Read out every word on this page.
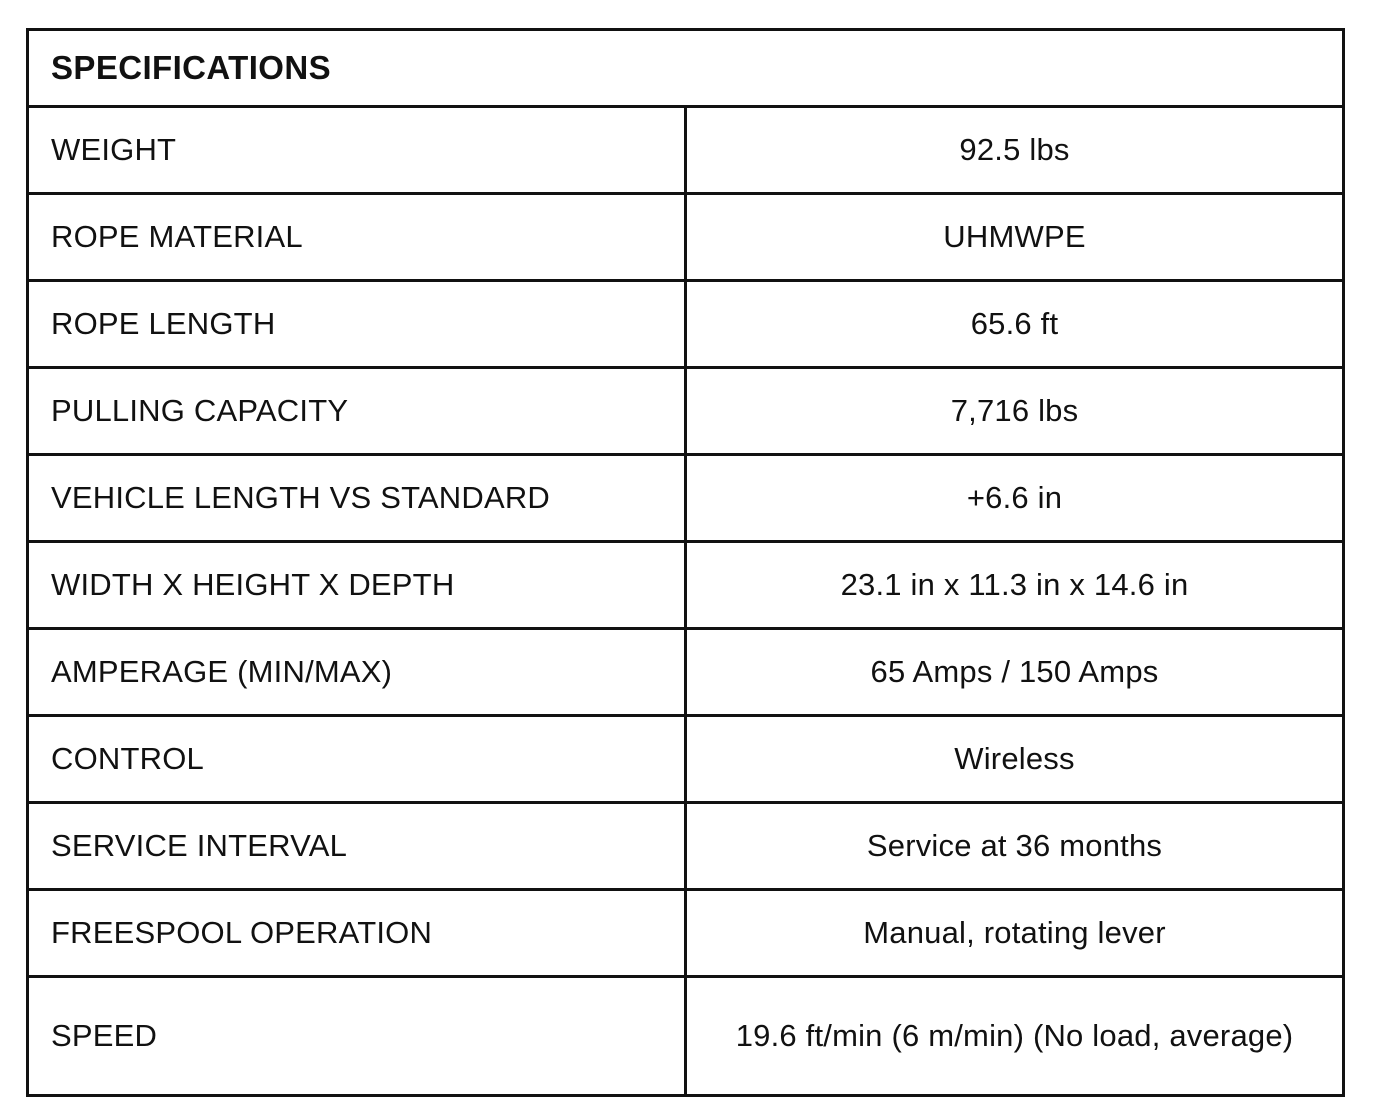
SPECIFICATIONS	
WEIGHT	92.5 lbs
ROPE MATERIAL	UHMWPE
ROPE LENGTH	65.6 ft
PULLING CAPACITY	7,716 lbs
VEHICLE LENGTH VS STANDARD	+6.6 in
WIDTH X HEIGHT X DEPTH	23.1 in x 11.3 in x 14.6 in
AMPERAGE (MIN/MAX)	65 Amps / 150 Amps
CONTROL	Wireless
SERVICE INTERVAL	Service at 36 months
FREESPOOL OPERATION	Manual, rotating lever
SPEED	19.6 ft/min (6 m/min) (No load, average)
